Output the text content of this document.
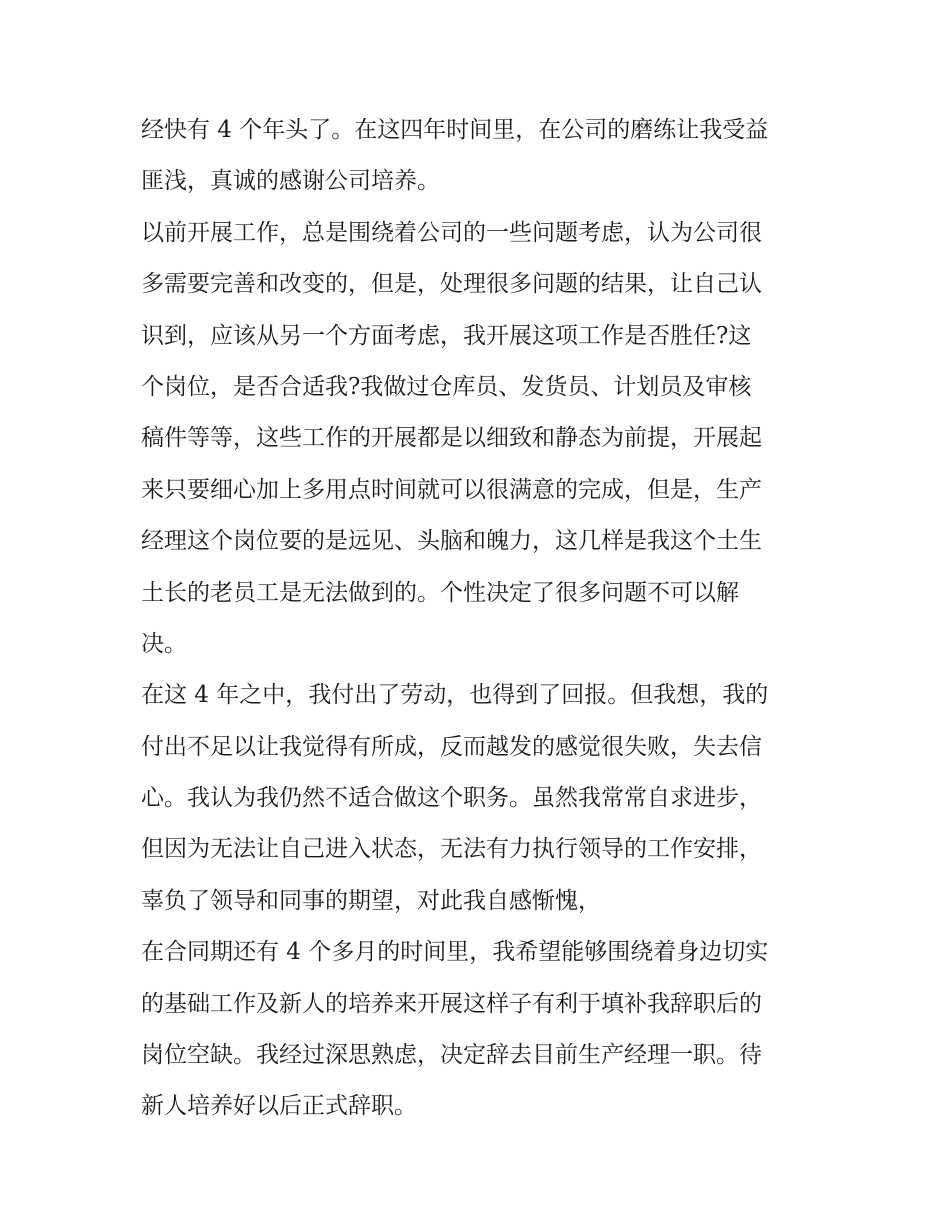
经快有 4 个年头了。在这四年时间里，在公司的磨练让我受益
匪浅，真诚的感谢公司培养。
以前开展工作，总是围绕着公司的一些问题考虑，认为公司很
多需要完善和改变的，但是，处理很多问题的结果，让自己认
识到，应该从另一个方面考虑，我开展这项工作是否胜任?这
个岗位，是否合适我?我做过仓库员、发货员、计划员及审核
稿件等等，这些工作的开展都是以细致和静态为前提，开展起
来只要细心加上多用点时间就可以很满意的完成，但是，生产
经理这个岗位要的是远见、头脑和魄力，这几样是我这个土生
土长的老员工是无法做到的。个性决定了很多问题不可以解
决。
在这 4 年之中，我付出了劳动，也得到了回报。但我想，我的
付出不足以让我觉得有所成，反而越发的感觉很失败，失去信
心。我认为我仍然不适合做这个职务。虽然我常常自求进步，
但因为无法让自己进入状态，无法有力执行领导的工作安排，
辜负了领导和同事的期望，对此我自感惭愧，
在合同期还有 4 个多月的时间里，我希望能够围绕着身边切实
的基础工作及新人的培养来开展这样子有利于填补我辞职后的
岗位空缺。我经过深思熟虑，决定辞去目前生产经理一职。待
新人培养好以后正式辞职。
